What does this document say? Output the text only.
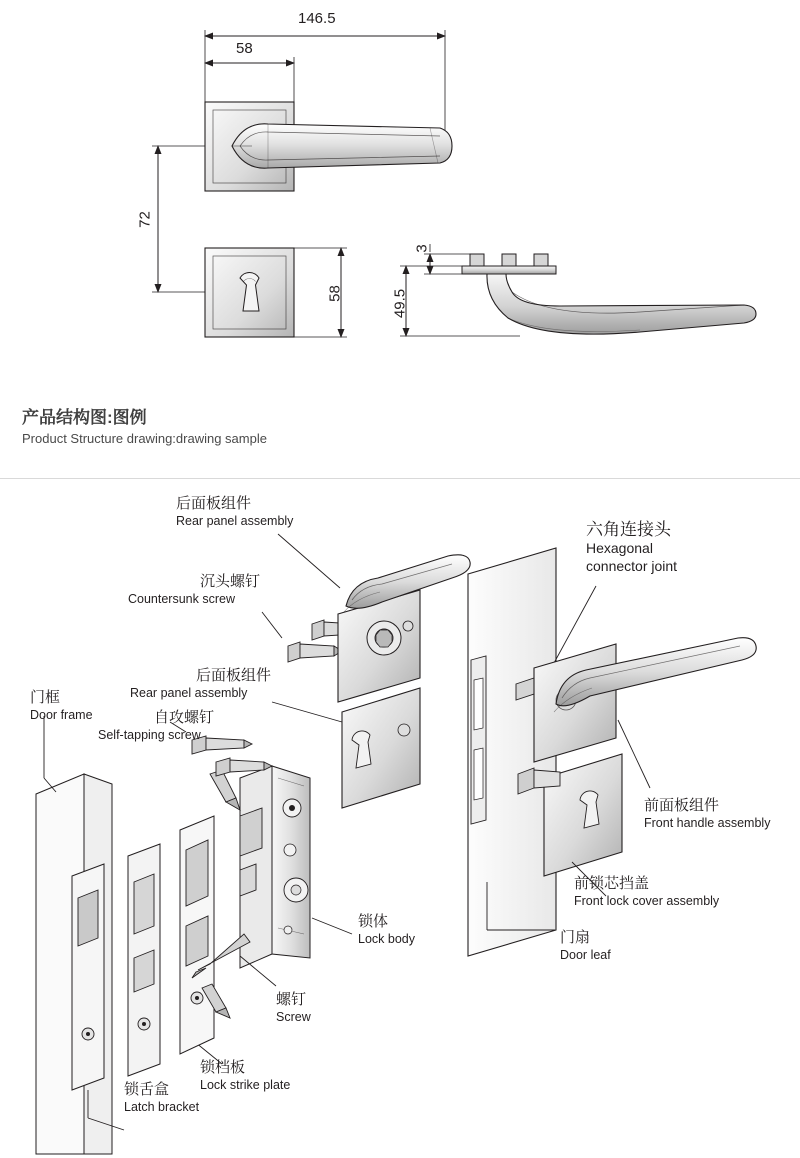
146.5
58
72
58
3
49.5
产品结构图:图例
Product Structure drawing:drawing sample
后面板组件
Rear panel assembly
沉头螺钉
Countersunk screw
后面板组件
Rear panel assembly
自攻螺钉
Self-tapping screw
门框
Door frame
六角连接头
Hexagonal
connector joint
前面板组件
Front handle assembly
前锁芯挡盖
Front lock cover assembly
门扇
Door leaf
锁体
Lock body
螺钉
Screw
锁档板
Lock strike plate
锁舌盒
Latch bracket
